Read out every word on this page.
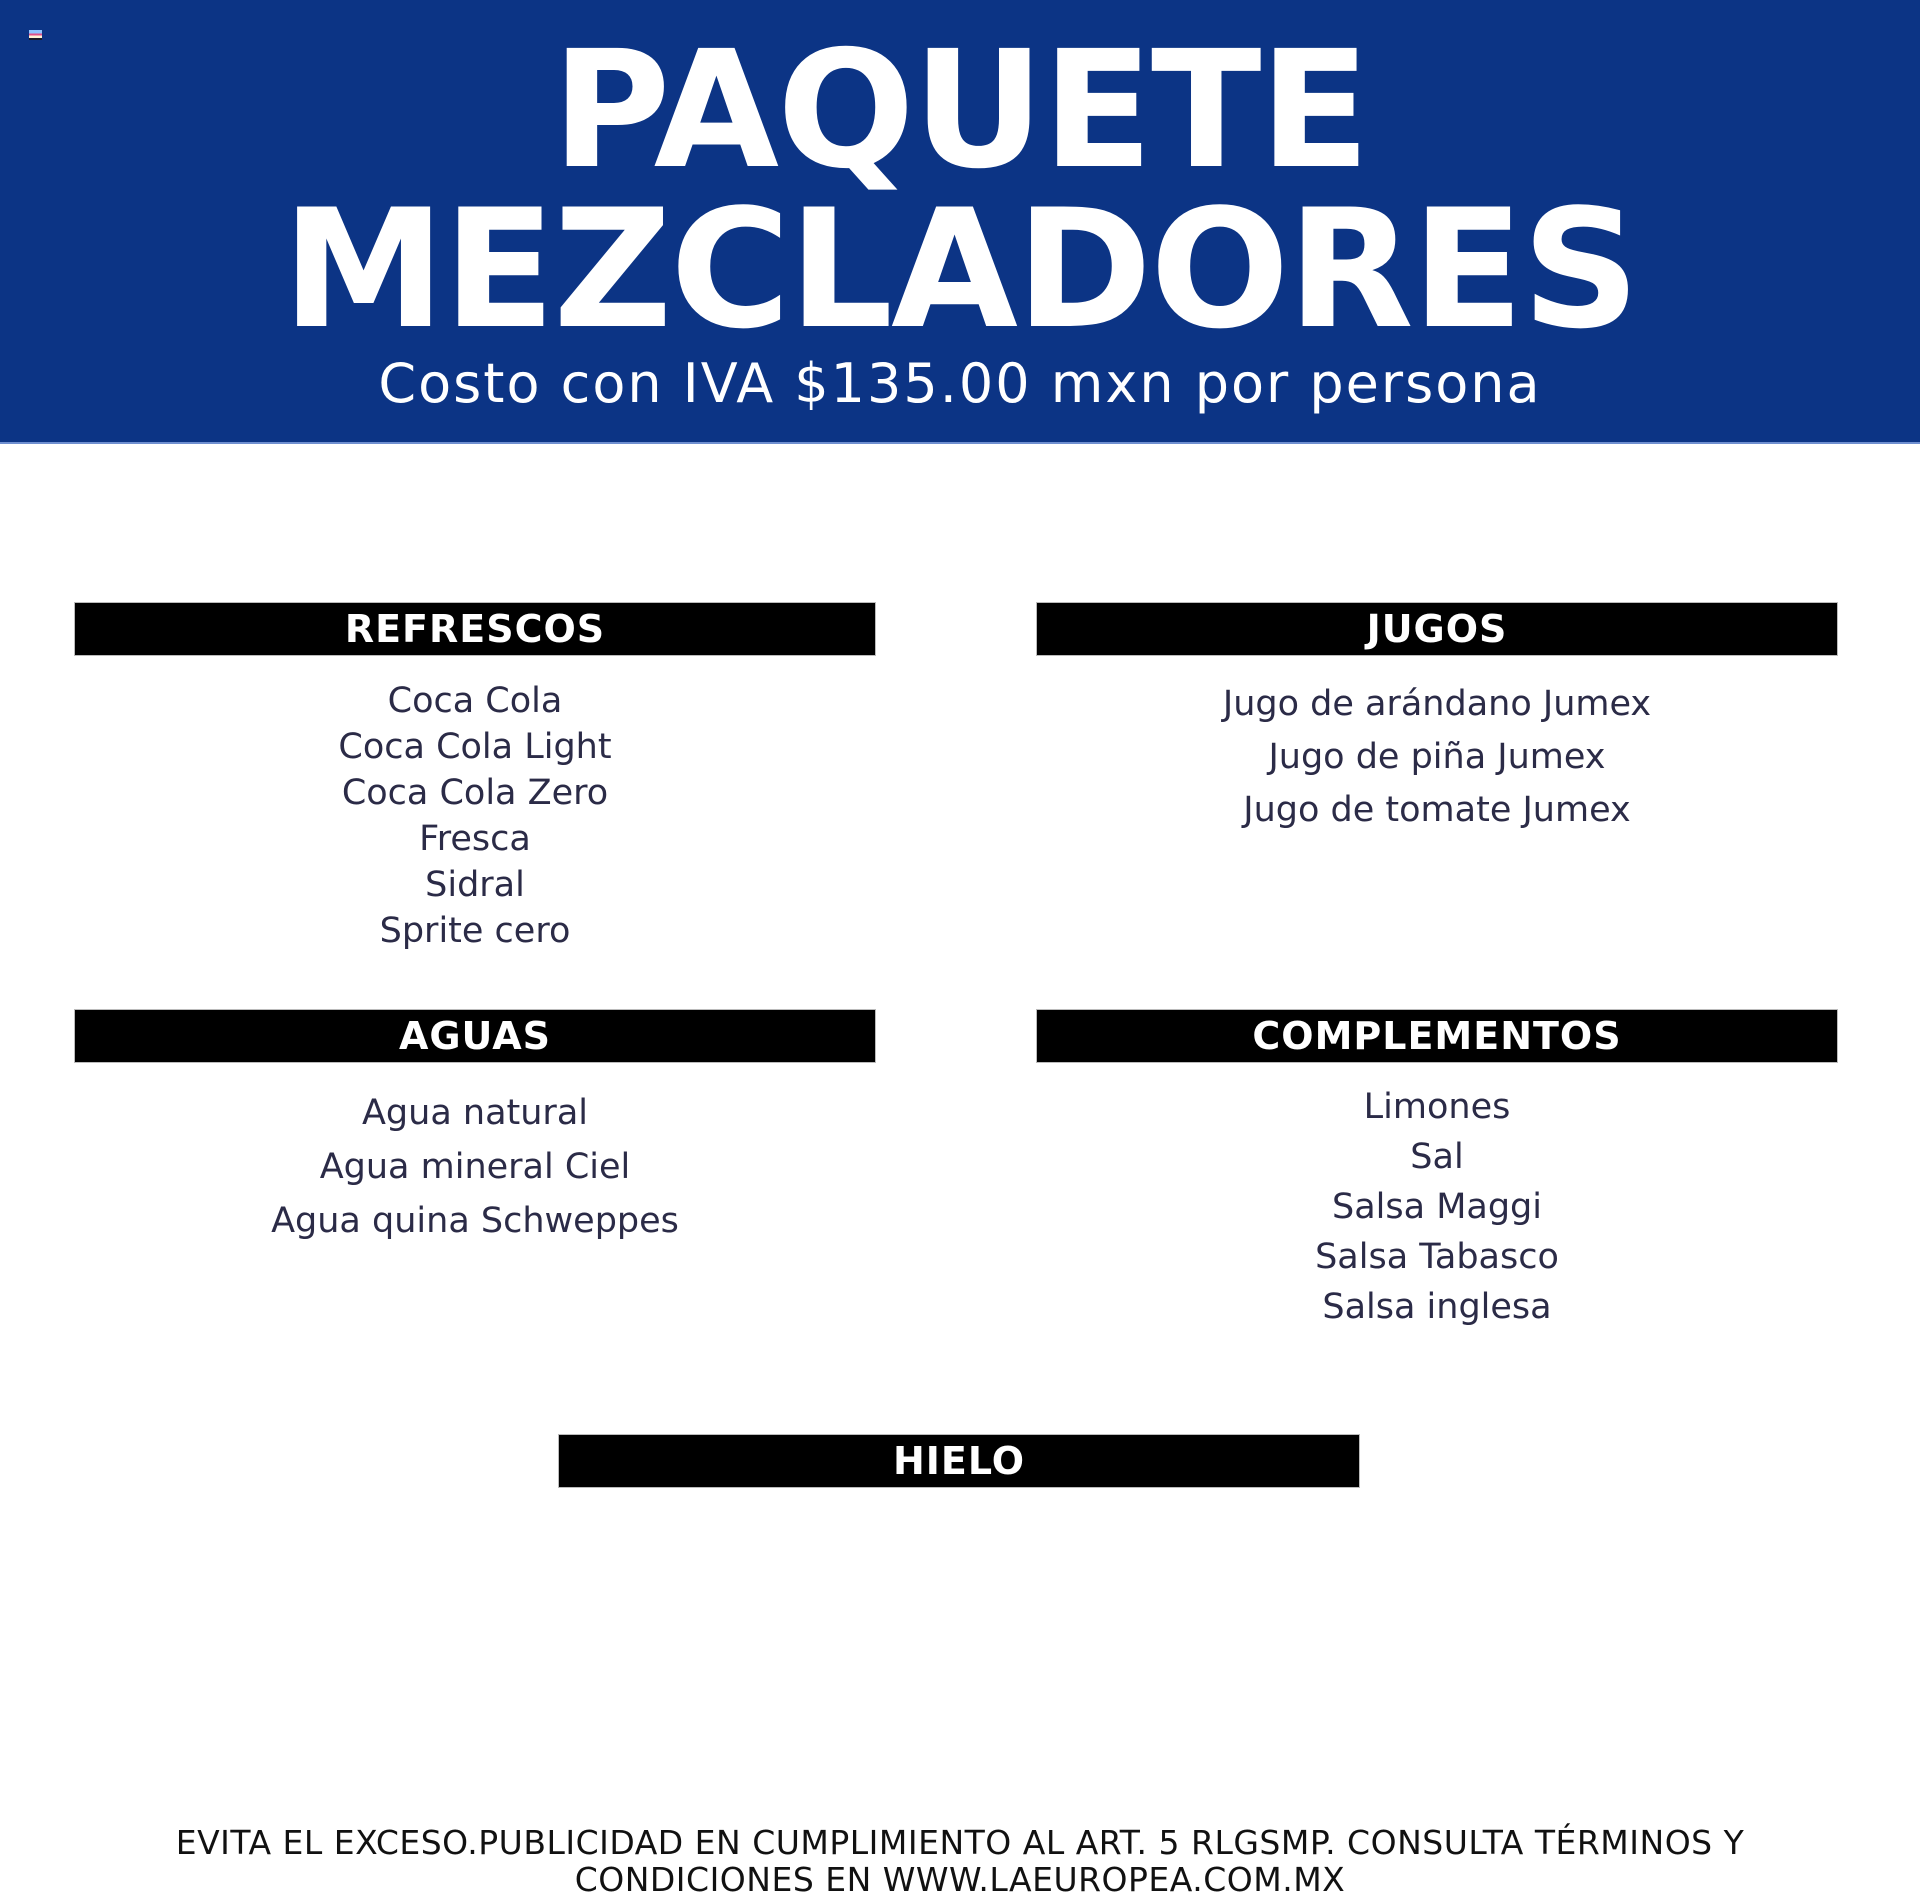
PAQUETE
MEZCLADORES
Costo con IVA $135.00 mxn por persona
REFRESCOS
Coca Cola
Coca Cola Light
Coca Cola Zero
Fresca
Sidral
Sprite cero
JUGOS
Jugo de arándano Jumex
Jugo de piña Jumex
Jugo de tomate Jumex
AGUAS
Agua natural
Agua mineral Ciel
Agua quina Schweppes
COMPLEMENTOS
Limones
Sal
Salsa Maggi
Salsa Tabasco
Salsa inglesa
HIELO
EVITA EL EXCESO.PUBLICIDAD EN CUMPLIMIENTO AL ART. 5 RLGSMP. CONSULTA TÉRMINOS Y
CONDICIONES EN WWW.LAEUROPEA.COM.MX
